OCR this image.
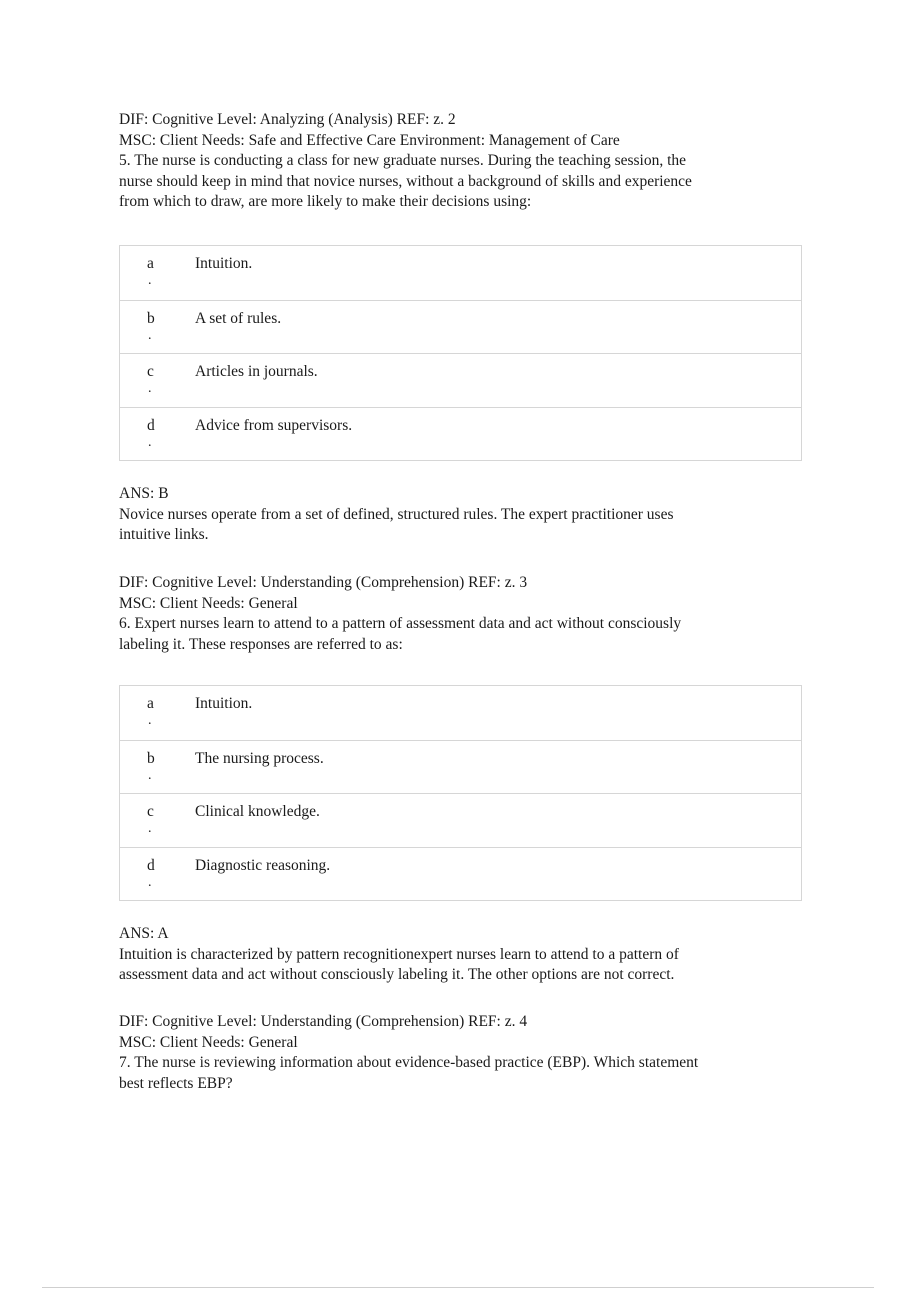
DIF: Cognitive Level: Analyzing (Analysis) REF: z. 2

MSC: Client Needs: Safe and Effective Care Environment: Management of Care

5. The nurse is conducting a class for new graduate nurses. During the teaching session, the

nurse should keep in mind that novice nurses, without a background of skills and experience

from which to draw, are more likely to make their decisions using:

a
.
Intuition.
b
.
A set of rules.
c
.
Articles in journals.
d
.
Advice from supervisors.

ANS: B

Novice nurses operate from a set of defined, structured rules. The expert practitioner uses

intuitive links.

DIF: Cognitive Level: Understanding (Comprehension) REF: z. 3

MSC: Client Needs: General

6. Expert nurses learn to attend to a pattern of assessment data and act without consciously

labeling it. These responses are referred to as:

a
.
Intuition.
b
.
The nursing process.
c
.
Clinical knowledge.
d
.
Diagnostic reasoning.

ANS: A

Intuition is characterized by pattern recognitionexpert nurses learn to attend to a pattern of

assessment data and act without consciously labeling it. The other options are not correct.

DIF: Cognitive Level: Understanding (Comprehension) REF: z. 4

MSC: Client Needs: General

7. The nurse is reviewing information about evidence-based practice (EBP). Which statement

best reflects EBP?
